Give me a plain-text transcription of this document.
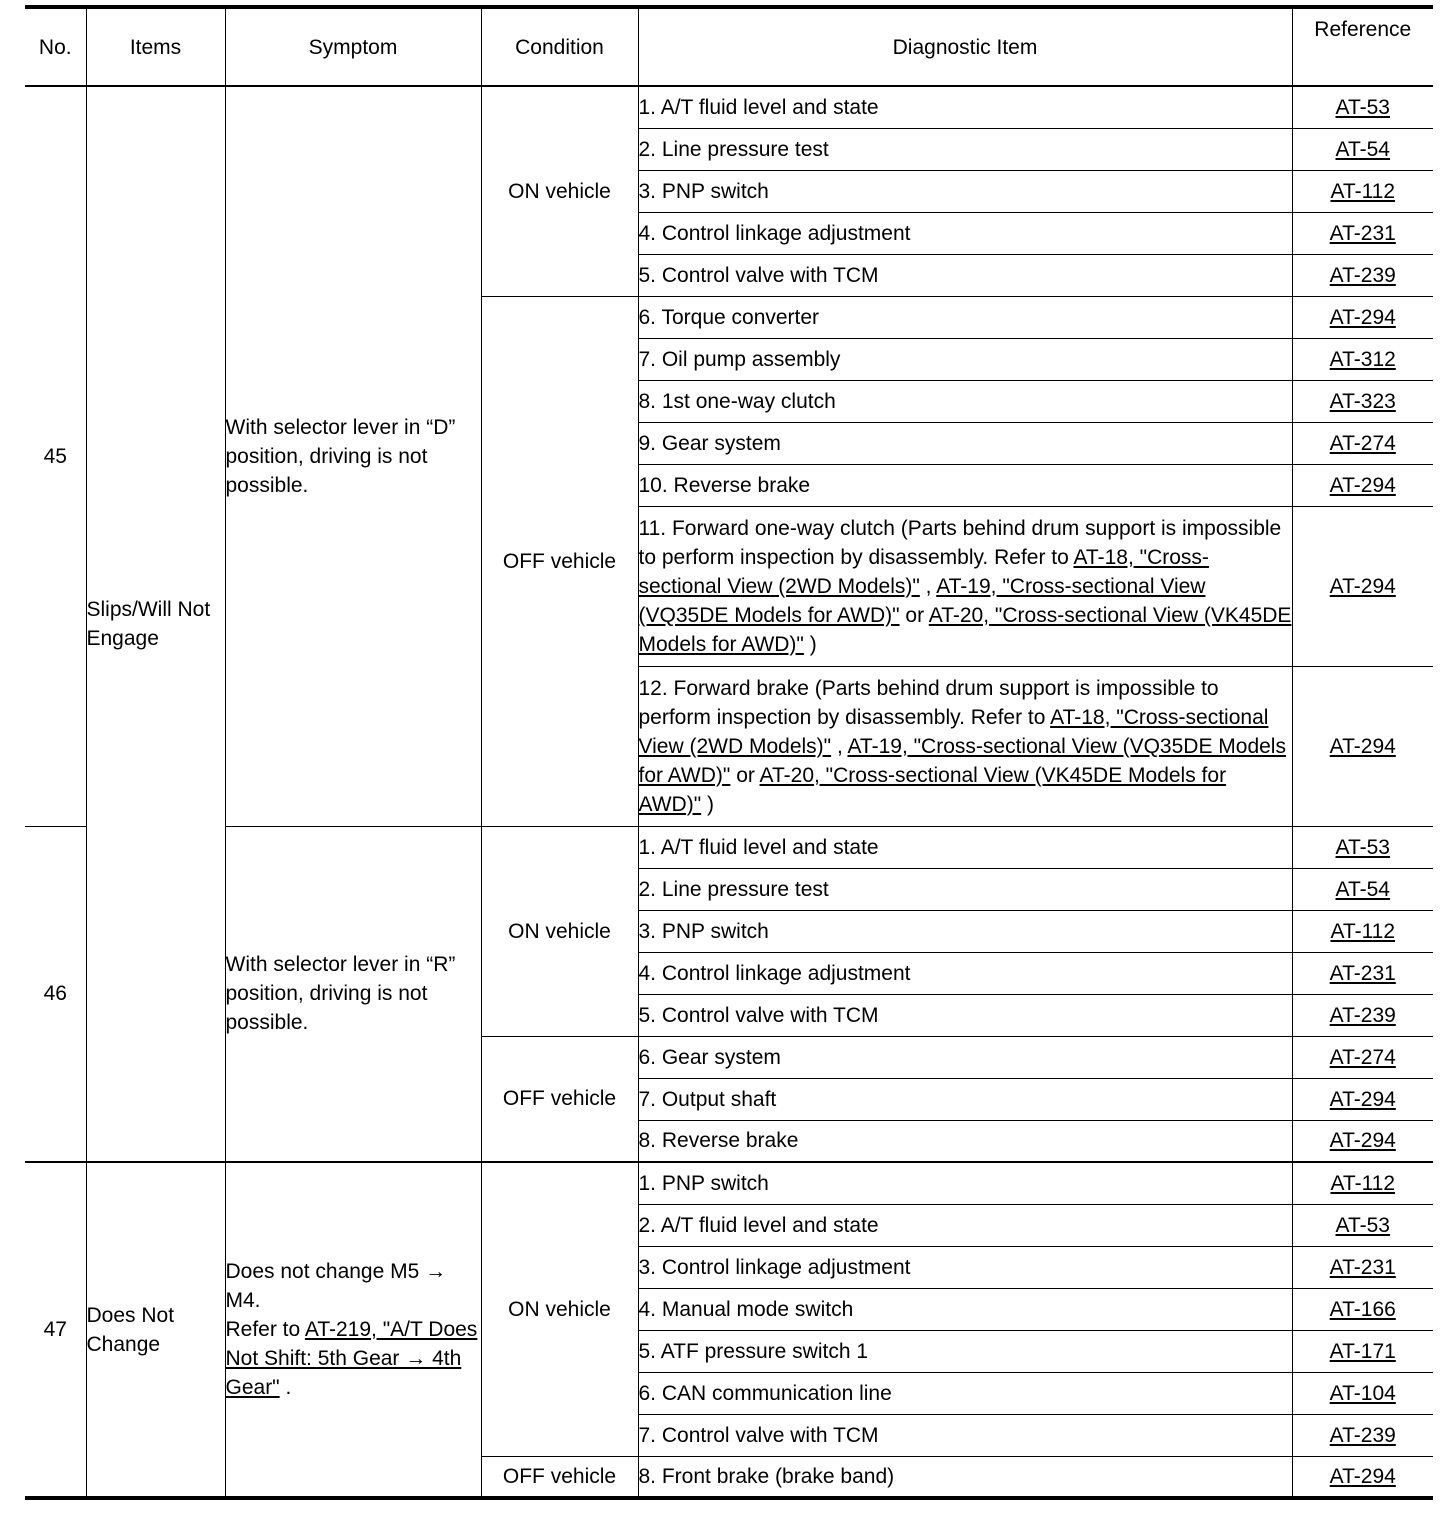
No.	Items	Symptom	Condition	Diagnostic Item	Reference
45	Slips/Will Not Engage	With selector lever in “D” position, driving is not possible.	ON vehicle	1. A/T fluid level and state	AT-53
				2. Line pressure test	AT-54
				3. PNP switch	AT-112
				4. Control linkage adjustment	AT-231
				5. Control valve with TCM	AT-239
			OFF vehicle	6. Torque converter	AT-294
				7. Oil pump assembly	AT-312
				8. 1st one-way clutch	AT-323
				9. Gear system	AT-274
				10. Reverse brake	AT-294
				11. Forward one-way clutch (Parts behind drum support is impossible to perform inspection by disassembly. Refer to AT-18, "Cross-sectional View (2WD Models)" , AT-19, "Cross-sectional View (VQ35DE Models for AWD)" or AT-20, "Cross-sectional View (VK45DE Models for AWD)" )	AT-294
				12. Forward brake (Parts behind drum support is impossible to perform inspection by disassembly. Refer to AT-18, "Cross-sectional View (2WD Models)" , AT-19, "Cross-sectional View (VQ35DE Models for AWD)" or AT-20, "Cross-sectional View (VK45DE Models for AWD)" )	AT-294
46		With selector lever in “R” position, driving is not possible.	ON vehicle	1. A/T fluid level and state	AT-53
				2. Line pressure test	AT-54
				3. PNP switch	AT-112
				4. Control linkage adjustment	AT-231
				5. Control valve with TCM	AT-239
			OFF vehicle	6. Gear system	AT-274
				7. Output shaft	AT-294
				8. Reverse brake	AT-294
47	Does Not Change	Does not change M5 → M4.
Refer to AT-219, "A/T Does Not Shift: 5th Gear → 4th Gear" .	ON vehicle	1. PNP switch	AT-112
				2. A/T fluid level and state	AT-53
				3. Control linkage adjustment	AT-231
				4. Manual mode switch	AT-166
				5. ATF pressure switch 1	AT-171
				6. CAN communication line	AT-104
				7. Control valve with TCM	AT-239
			OFF vehicle	8. Front brake (brake band)	AT-294
